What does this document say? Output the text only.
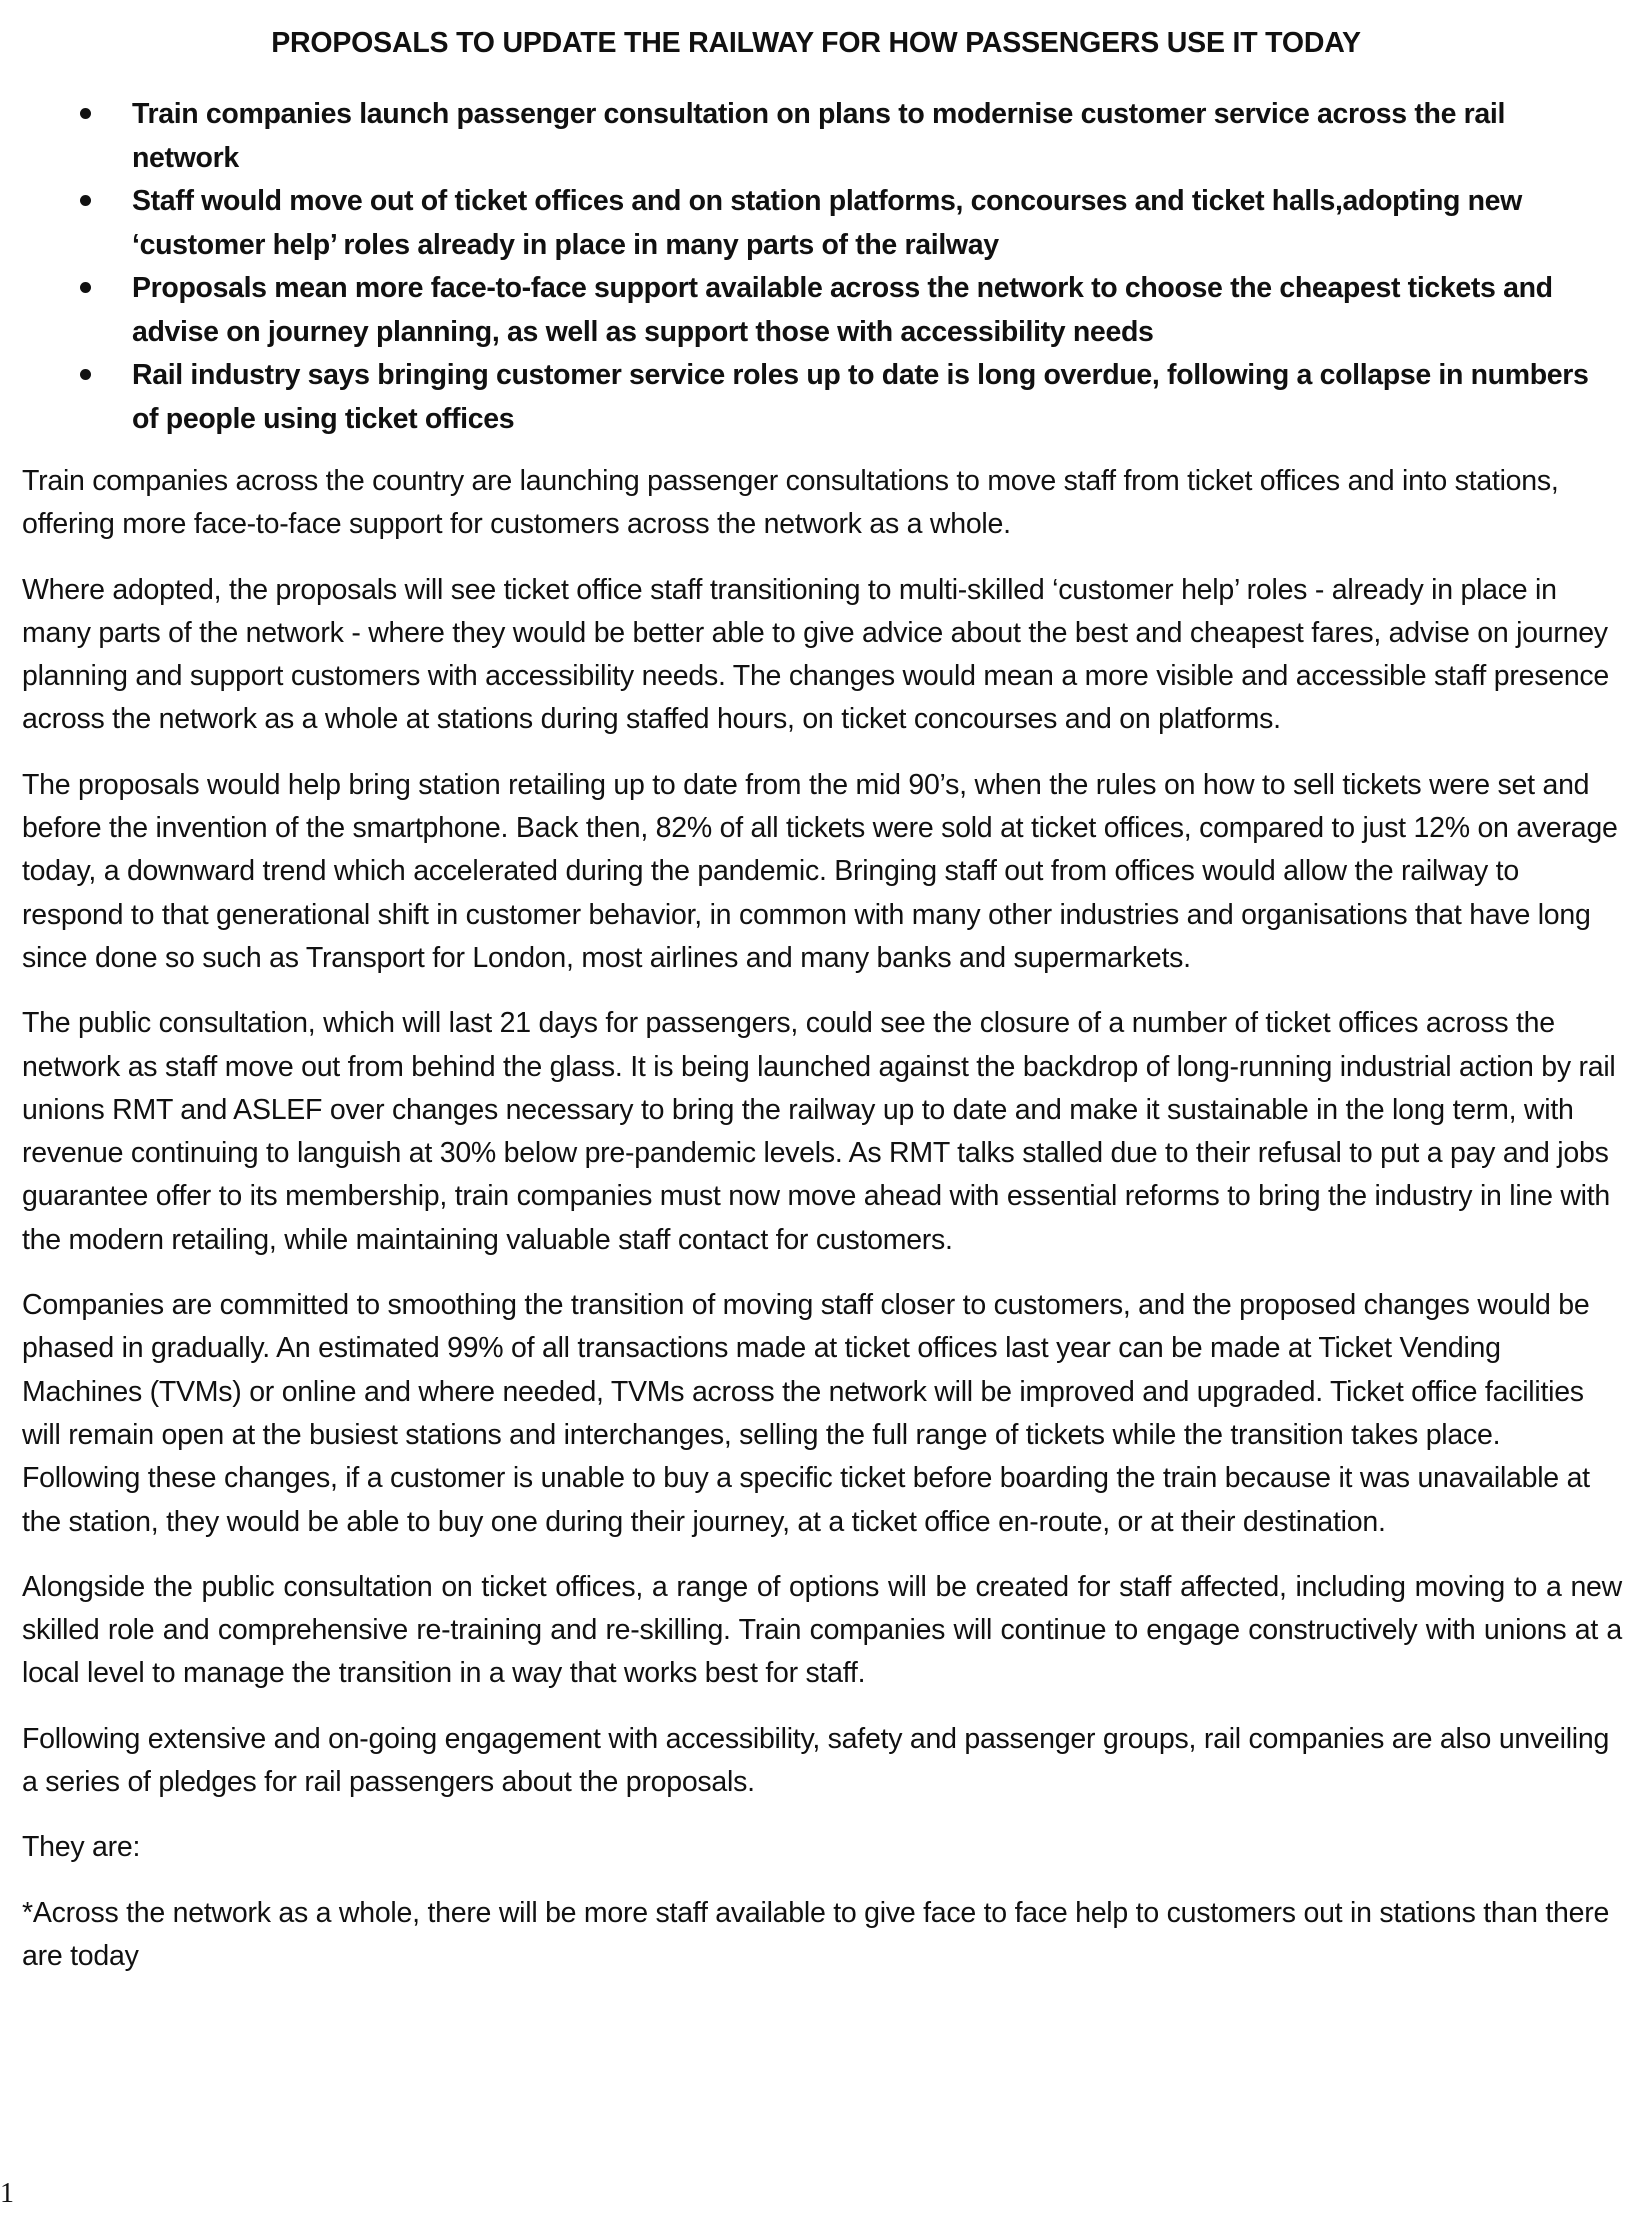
PROPOSALS TO UPDATE THE RAILWAY FOR HOW PASSENGERS USE IT TODAY
Train companies launch passenger consultation on plans to modernise customer service across the rail network
Staff would move out of ticket offices and on station platforms, concourses and ticket halls,adopting new ‘customer help’ roles already in place in many parts of the railway
Proposals mean more face-to-face support available across the network to choose the cheapest tickets and advise on journey planning, as well as support those with accessibility needs
Rail industry says bringing customer service roles up to date is long overdue, following a collapse in numbers of people using ticket offices

Train companies across the country are launching passenger consultations to move staff from ticket offices and into stations, offering more face-to-face support for customers across the network as a whole.

Where adopted, the proposals will see ticket office staff transitioning to multi-skilled ‘customer help’ roles - already in place in many parts of the network - where they would be better able to give advice about the best and cheapest fares, advise on journey planning and support customers with accessibility needs. The changes would mean a more visible and accessible staff presence across the network as a whole at stations during staffed hours, on ticket concourses and on platforms.

The proposals would help bring station retailing up to date from the mid 90’s, when the rules on how to sell tickets were set and before the invention of the smartphone. Back then, 82% of all tickets were sold at ticket offices, compared to just 12% on average today, a downward trend which accelerated during the pandemic. Bringing staff out from offices would allow the railway to respond to that generational shift in customer behavior, in common with many other industries and organisations that have long since done so such as Transport for London, most airlines and many banks and supermarkets.

The public consultation, which will last 21 days for passengers, could see the closure of a number of ticket offices across the network as staff move out from behind the glass. It is being launched against the backdrop of long-running industrial action by rail unions RMT and ASLEF over changes necessary to bring the railway up to date and make it sustainable in the long term, with revenue continuing to languish at 30% below pre-pandemic levels. As RMT talks stalled due to their refusal to put a pay and jobs guarantee offer to its membership, train companies must now move ahead with essential reforms to bring the industry in line with the modern retailing, while maintaining valuable staff contact for customers.

Companies are committed to smoothing the transition of moving staff closer to customers, and the proposed changes would be phased in gradually. An estimated 99% of all transactions made at ticket offices last year can be made at Ticket Vending Machines (TVMs) or online and where needed, TVMs across the network will be improved and upgraded. Ticket office facilities will remain open at the busiest stations and interchanges, selling the full range of tickets while the transition takes place. Following these changes, if a customer is unable to buy a specific ticket before boarding the train because it was unavailable at the station, they would be able to buy one during their journey, at a ticket office en-route, or at their destination.

Alongside the public consultation on ticket offices, a range of options will be created for staff affected, including moving to a new skilled role and comprehensive re-training and re-skilling. Train companies will continue to engage constructively with unions at a local level to manage the transition in a way that works best for staff.

Following extensive and on-going engagement with accessibility, safety and passenger groups, rail companies are also unveiling a series of pledges for rail passengers about the proposals.

They are:

*Across the network as a whole, there will be more staff available to give face to face help to customers out in stations than there are today

1
